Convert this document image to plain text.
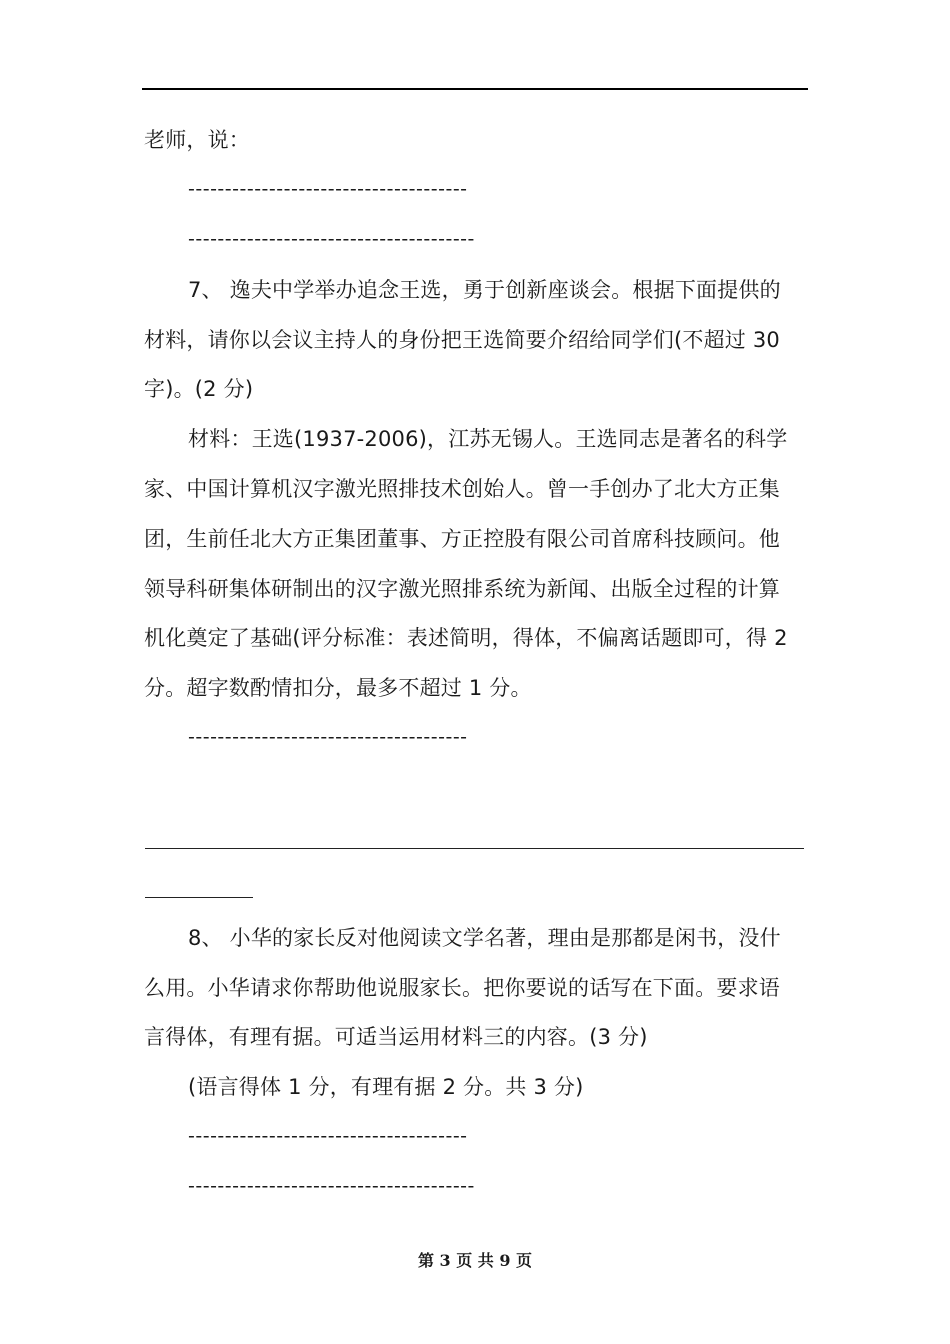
老师，说：
--------------------------------------
---------------------------------------
7、 逸夫中学举办追念王选，勇于创新座谈会。根据下面提供的
材料，请你以会议主持人的身份把王选简要介绍给同学们(不超过 30
字)。(2 分)
材料：王选(1937-2006)，江苏无锡人。王选同志是著名的科学
家、中国计算机汉字激光照排技术创始人。曾一手创办了北大方正集
团，生前任北大方正集团董事、方正控股有限公司首席科技顾问。他
领导科研集体研制出的汉字激光照排系统为新闻、出版全过程的计算
机化奠定了基础(评分标准：表述简明，得体，不偏离话题即可，得 2
分。超字数酌情扣分，最多不超过 1 分。
--------------------------------------
8、 小华的家长反对他阅读文学名著，理由是那都是闲书，没什
么用。小华请求你帮助他说服家长。把你要说的话写在下面。要求语
言得体，有理有据。可适当运用材料三的内容。(3 分)
(语言得体 1 分，有理有据 2 分。共 3 分)
--------------------------------------
---------------------------------------
第 3 页 共 9 页
